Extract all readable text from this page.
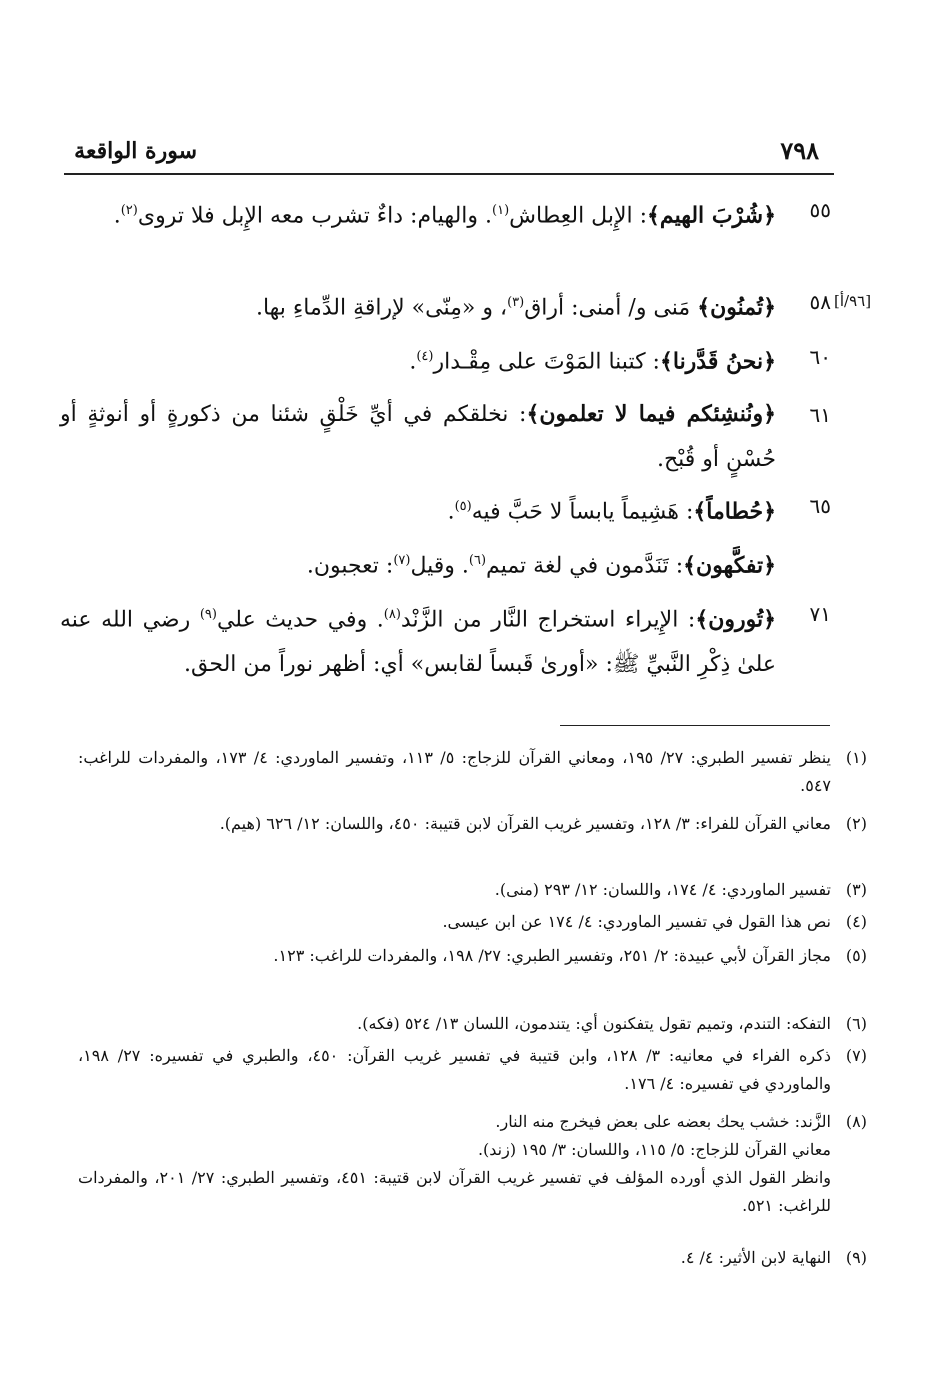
سورة الواقعة	٧٩٨
٥٥
﴿شُرْبَ الهيم﴾: الإِبل العِطاش$^{(١)}$. والهيام: داءٌ تشرب معه الإِبل فلا تروى$^{(٢)}$.
٥٨ [٩٦/أ]
﴿تُمنُون﴾ مَنى و/ أمنى: أراق$^{(٣)}$، و «مِنّى» لإراقةِ الدِّماءِ بها.
٦٠
﴿نحنُ قَدَّرنا﴾: كتبنا المَوْتَ على مِقْـدار$^{(٤)}$.
٦١
﴿ونُنشِئكم فيما لا تعلمون﴾: نخلقكم في أيِّ خَلْقٍ شئنا من ذكورةٍ أو أنوثةٍ أو حُسْنٍ أو قُبْح.
٦٥
﴿حُطاماً﴾: هَشِيماً يابساً لا حَبَّ فيه$^{(٥)}$.
﴿تفكَّهون﴾: تَنَدَّمون في لغة تميم$^{(٦)}$. وقيل$^{(٧)}$: تعجبون.
٧١
﴿تُورون﴾: الإِيراء استخراج النَّار من الزَّنْد$^{(٨)}$. وفي حديث علي$^{(٩)}$ رضي الله عنه علىٰ ذِكْرِ النَّبيِّ ﷺ: «أورىٰ قَبساً لقابس» أي: أظهر نوراً من الحق.
(١)
ينظر تفسير الطبري: ٢٧/ ١٩٥، ومعاني القرآن للزجاج: ٥/ ١١٣، وتفسير الماوردي: ٤/ ١٧٣، والمفردات للراغب: ٥٤٧.
(٢)
معاني القرآن للفراء: ٣/ ١٢٨، وتفسير غريب القرآن لابن قتيبة: ٤٥٠، واللسان: ١٢/ ٦٢٦ (هيم).
(٣)
تفسير الماوردي: ٤/ ١٧٤، واللسان: ١٢/ ٢٩٣ (منى).
(٤)
نص هذا القول في تفسير الماوردي: ٤/ ١٧٤ عن ابن عيسى.
(٥)
مجاز القرآن لأبي عبيدة: ٢/ ٢٥١، وتفسير الطبري: ٢٧/ ١٩٨، والمفردات للراغب: ١٢٣.
(٦)
التفكه: التندم، وتميم تقول يتفكنون أي: يتندمون، اللسان ١٣/ ٥٢٤ (فكه).
(٧)
ذكره الفراء في معانيه: ٣/ ١٢٨، وابن قتيبة في تفسير غريب القرآن: ٤٥٠، والطبري في تفسيره: ٢٧/ ١٩٨، والماوردي في تفسيره: ٤/ ١٧٦.
(٨)
الزَّند: خشب يحك بعضه على بعض فيخرج منه النار.
معاني القرآن للزجاج: ٥/ ١١٥، واللسان: ٣/ ١٩٥ (زند).
وانظر القول الذي أورده المؤلف في تفسير غريب القرآن لابن قتيبة: ٤٥١، وتفسير الطبري: ٢٧/ ٢٠١، والمفردات للراغب: ٥٢١.
(٩)
النهاية لابن الأثير: ٤/ ٤.
